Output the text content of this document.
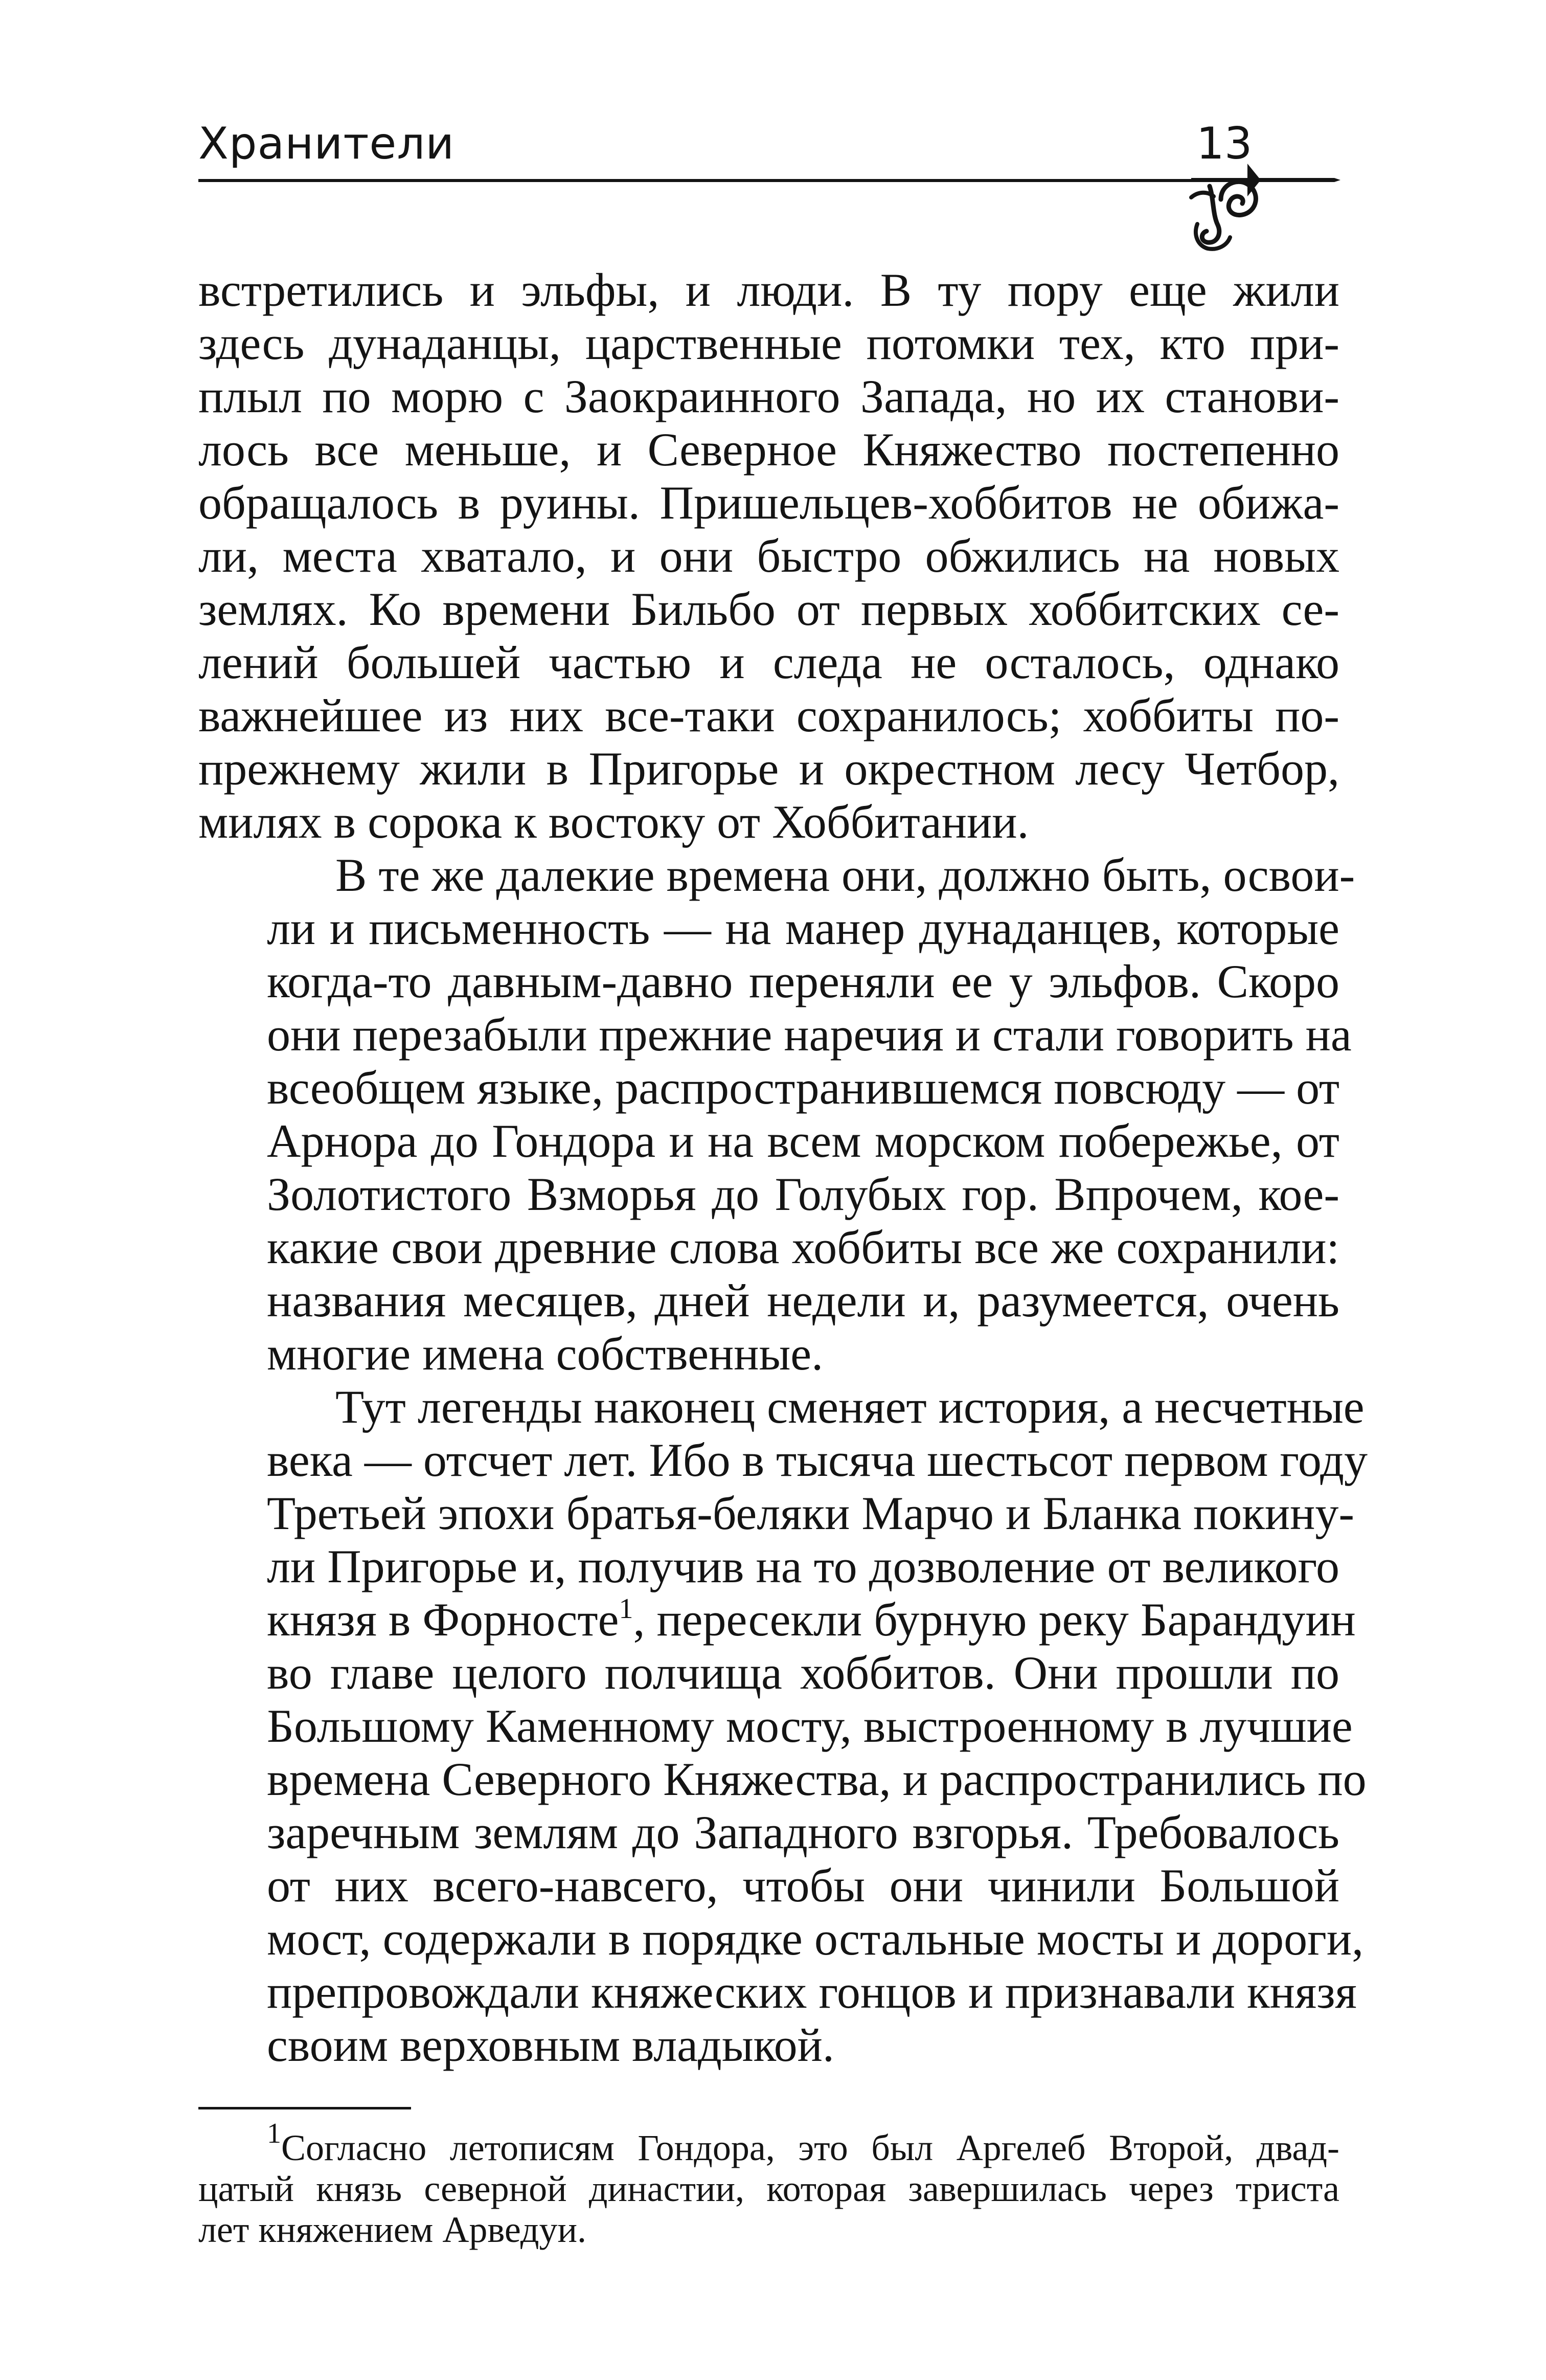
Хранители	13

встретились и эльфы, и люди. В ту пору еще жили
здесь дунаданцы, царственные потомки тех, кто при-
плыл по морю с Заокраинного Запада, но их станови-
лось все меньше, и Северное Княжество постепенно
обращалось в руины. Пришельцев-хоббитов не обижа-
ли, места хватало, и они быстро обжились на новых
землях. Ко времени Бильбо от первых хоббитских се-
лений большей частью и следа не осталось, однако
важнейшее из них все-таки сохранилось; хоббиты по-
прежнему жили в Пригорье и окрестном лесу Четбор,
милях в сорока к востоку от Хоббитании.

В те же далекие времена они, должно быть, освои-
ли и письменность — на манер дунаданцев, которые
когда-то давным-давно переняли ее у эльфов. Скоро
они перезабыли прежние наречия и стали говорить на
всеобщем языке, распространившемся повсюду — от
Арнора до Гондора и на всем морском побережье, от
Золотистого Взморья до Голубых гор. Впрочем, кое-
какие свои древние слова хоббиты все же сохранили:
названия месяцев, дней недели и, разумеется, очень
многие имена собственные.

Тут легенды наконец сменяет история, а несчетные
века — отсчет лет. Ибо в тысяча шестьсот первом году
Третьей эпохи братья-беляки Марчо и Бланка покину-
ли Пригорье и, получив на то дозволение от великого
князя в Форносте$^1$, пересекли бурную реку Барандуин
во главе целого полчища хоббитов. Они прошли по
Большому Каменному мосту, выстроенному в лучшие
времена Северного Княжества, и распространились по
заречным землям до Западного взгорья. Требовалось
от них всего-навсего, чтобы они чинили Большой
мост, содержали в порядке остальные мосты и дороги,
препровождали княжеских гонцов и признавали князя
своим верховным владыкой.

$^1$Согласно летописям Гондора, это был Аргелеб Второй, двад-
цатый князь северной династии, которая завершилась через триста
лет княжением Арведуи.
